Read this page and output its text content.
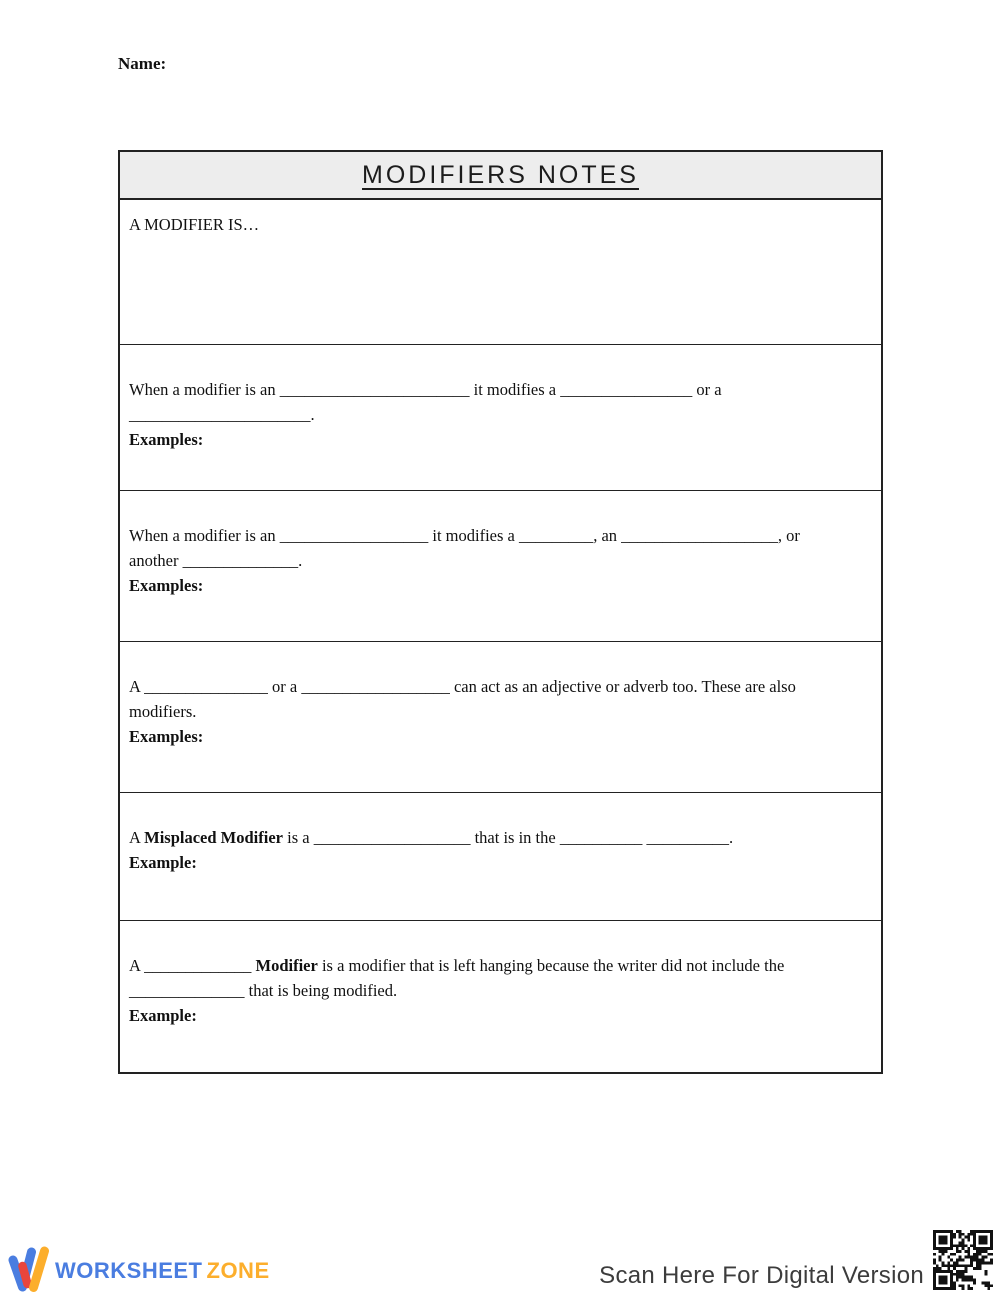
Name:
MODIFIERS NOTES
A MODIFIER IS…
When a modifier is an _______________________ it modifies a ________________ or a
______________________.
Examples:
When a modifier is an __________________ it modifies a _________, an ___________________, or
another ______________.
Examples:
A _______________ or a __________________ can act as an adjective or adverb too. These are also
modifiers.
Examples:
A Misplaced Modifier is a ___________________ that is in the __________ __________.
Example:
A _____________ Modifier is a modifier that is left hanging because the writer did not include the
______________ that is being modified.
Example:
WORKSHEET ZONE	Scan Here For Digital Version
